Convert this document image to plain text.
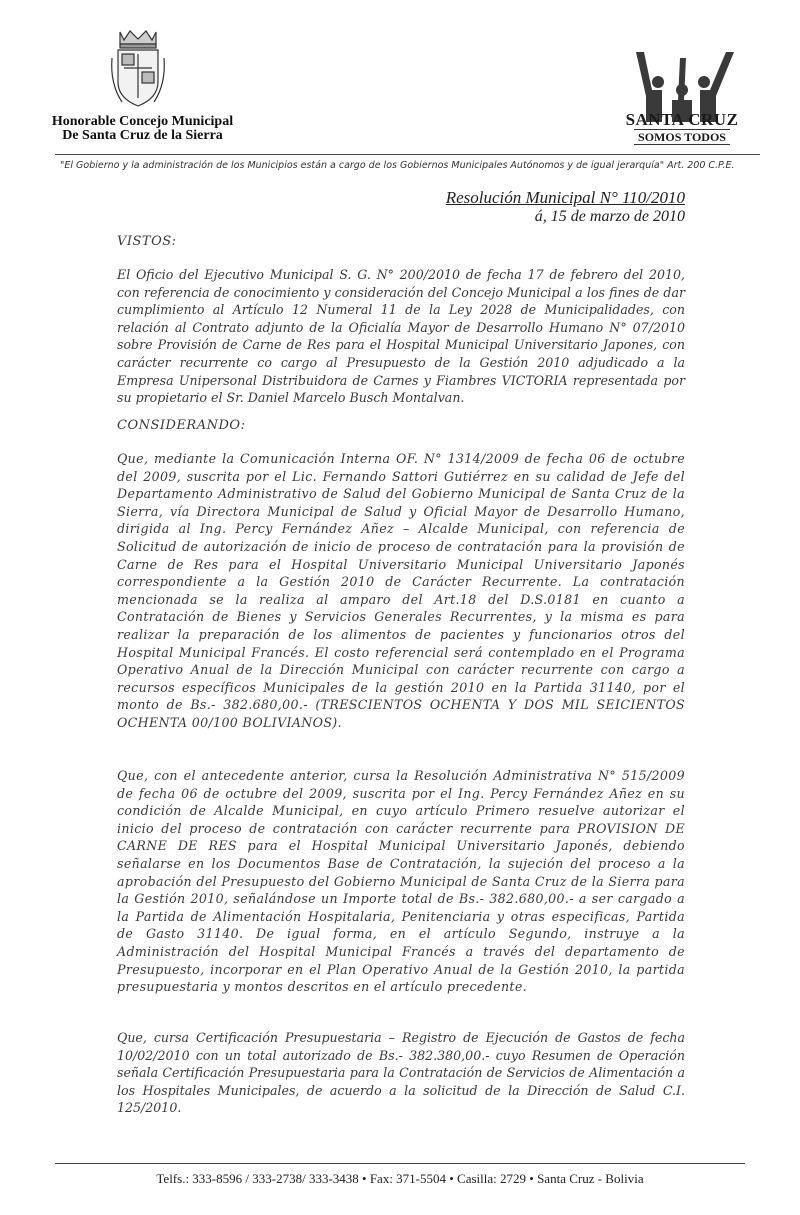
Honorable Concejo Municipal
De Santa Cruz de la Sierra
SANTA CRUZ
SOMOS TODOS
"El Gobierno y la administración de los Municipios están a cargo de los Gobiernos Municipales Autónomos y de igual jerarquía" Art. 200 C.P.E.
Resolución Municipal N° 110/2010
á, 15 de marzo de 2010
VISTOS:

El Oficio del Ejecutivo Municipal S. G. N° 200/2010 de fecha 17 de febrero del 2010, con referencia de conocimiento y consideración del Concejo Municipal a los fines de dar cumplimiento al Artículo 12 Numeral 11 de la Ley 2028 de Municipalidades, con relación al Contrato adjunto de la Oficialía Mayor de Desarrollo Humano N° 07/2010 sobre Provisión de Carne de Res para el Hospital Municipal Universitario Japones, con carácter recurrente co cargo al Presupuesto de la Gestión 2010 adjudicado a la Empresa Unipersonal Distribuidora de Carnes y Fiambres VICTORIA representada por su propietario el Sr. Daniel Marcelo Busch Montalvan.

CONSIDERANDO:

Que, mediante la Comunicación Interna OF. N° 1314/2009 de fecha 06 de octubre del 2009, suscrita por el Lic. Fernando Sattori Gutiérrez en su calidad de Jefe del Departamento Administrativo de Salud del Gobierno Municipal de Santa Cruz de la Sierra, vía Directora Municipal de Salud y Oficial Mayor de Desarrollo Humano, dirigida al Ing. Percy Fernández Añez – Alcalde Municipal, con referencia de Solicitud de autorización de inicio de proceso de contratación para la provisión de Carne de Res para el Hospital Universitario Municipal Universitario Japonés correspondiente a la Gestión 2010 de Carácter Recurrente. La contratación mencionada se la realiza al amparo del Art.18 del D.S.0181 en cuanto a Contratación de Bienes y Servicios Generales Recurrentes, y la misma es para realizar la preparación de los alimentos de pacientes y funcionarios otros del Hospital Municipal Francés. El costo referencial será contemplado en el Programa Operativo Anual de la Dirección Municipal con carácter recurrente con cargo a recursos específicos Municipales de la gestión 2010 en la Partida 31140, por el monto de Bs.- 382.680,00.- (TRESCIENTOS OCHENTA Y DOS MIL SEICIENTOS OCHENTA 00/100 BOLIVIANOS).

Que, con el antecedente anterior, cursa la Resolución Administrativa N° 515/2009 de fecha 06 de octubre del 2009, suscrita por el Ing. Percy Fernández Añez en su condición de Alcalde Municipal, en cuyo artículo Primero resuelve autorizar el inicio del proceso de contratación con carácter recurrente para PROVISION DE CARNE DE RES para el Hospital Municipal Universitario Japonés, debiendo señalarse en los Documentos Base de Contratación, la sujeción del proceso a la aprobación del Presupuesto del Gobierno Municipal de Santa Cruz de la Sierra para la Gestión 2010, señalándose un Importe total de Bs.- 382.680,00.- a ser cargado a la Partida de Alimentación Hospitalaria, Penitenciaria y otras especificas, Partida de Gasto 31140. De igual forma, en el artículo Segundo, instruye a la Administración del Hospital Municipal Francés a través del departamento de Presupuesto, incorporar en el Plan Operativo Anual de la Gestión 2010, la partida presupuestaria y montos descritos en el artículo precedente.

Que, cursa Certificación Presupuestaria – Registro de Ejecución de Gastos de fecha 10/02/2010 con un total autorizado de Bs.- 382.380,00.- cuyo Resumen de Operación señala Certificación Presupuestaria para la Contratación de Servicios de Alimentación a los Hospitales Municipales, de acuerdo a la solicitud de la Dirección de Salud C.I. 125/2010.

Telfs.: 333-8596 / 333-2738/ 333-3438 • Fax: 371-5504 • Casilla: 2729 • Santa Cruz - Bolivia
